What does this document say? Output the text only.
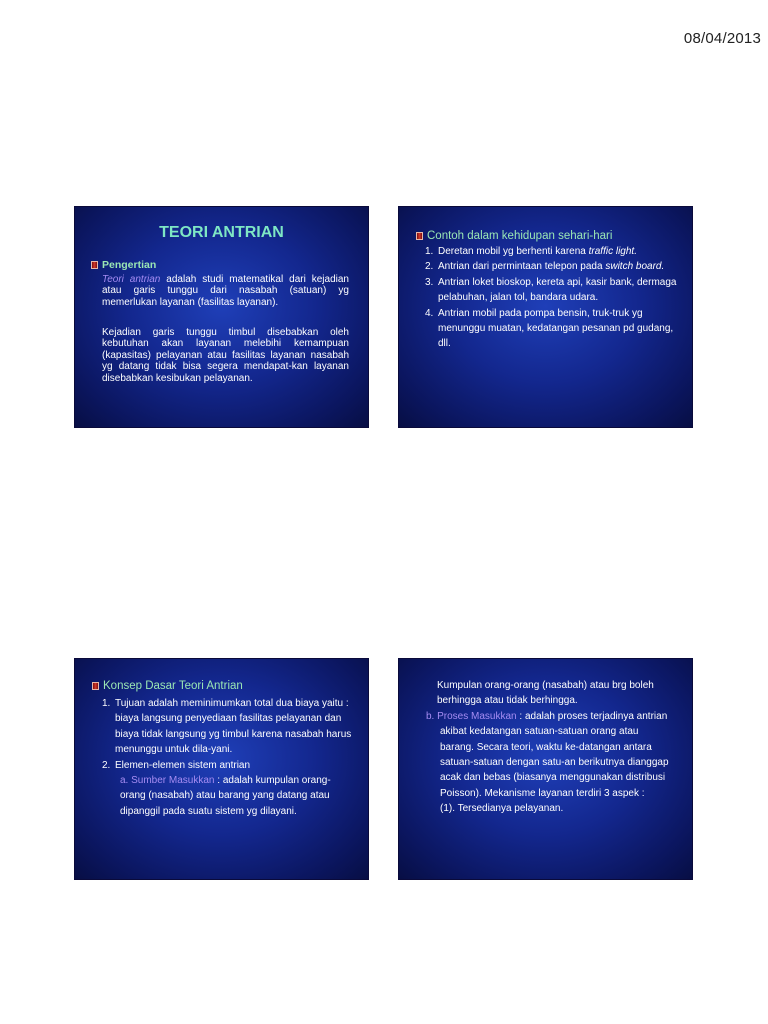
08/04/2013
TEORI ANTRIAN
Pengertian
Teori antrian adalah studi matematikal dari kejadian atau garis tunggu dari nasabah (satuan) yg memerlukan layanan (fasilitas layanan).
Kejadian garis tunggu timbul disebabkan oleh kebutuhan akan layanan melebihi kemampuan (kapasitas) pelayanan atau fasilitas layanan nasabah yg datang tidak bisa segera mendapat-kan layanan disebabkan kesibukan pelayanan.
Contoh dalam kehidupan sehari-hari
1. Deretan mobil yg berhenti karena traffic light.
2. Antrian dari permintaan telepon pada switch board.
3. Antrian loket bioskop, kereta api, kasir bank, dermaga pelabuhan, jalan tol, bandara udara.
4. Antrian mobil pada pompa bensin, truk-truk yg menunggu muatan, kedatangan pesanan pd gudang, dll.
Konsep Dasar Teori Antrian
1. Tujuan adalah meminimumkan total dua biaya yaitu : biaya langsung penyediaan fasilitas pelayanan dan biaya tidak langsung yg timbul karena nasabah harus menunggu untuk dila-yani.
2. Elemen-elemen sistem antrian
a. Sumber Masukkan : adalah kumpulan orang-orang (nasabah) atau barang yang datang atau dipanggil pada suatu sistem yg dilayani.
Kumpulan orang-orang (nasabah) atau brg boleh berhingga atau tidak berhingga.
b. Proses Masukkan : adalah proses terjadinya antrian akibat kedatangan satuan-satuan orang atau barang. Secara teori, waktu ke-datangan antara satuan-satuan dengan satu-an berikutnya dianggap acak dan bebas (biasanya menggunakan distribusi Poisson). Mekanisme layanan terdiri 3 aspek :
(1). Tersedianya pelayanan.
